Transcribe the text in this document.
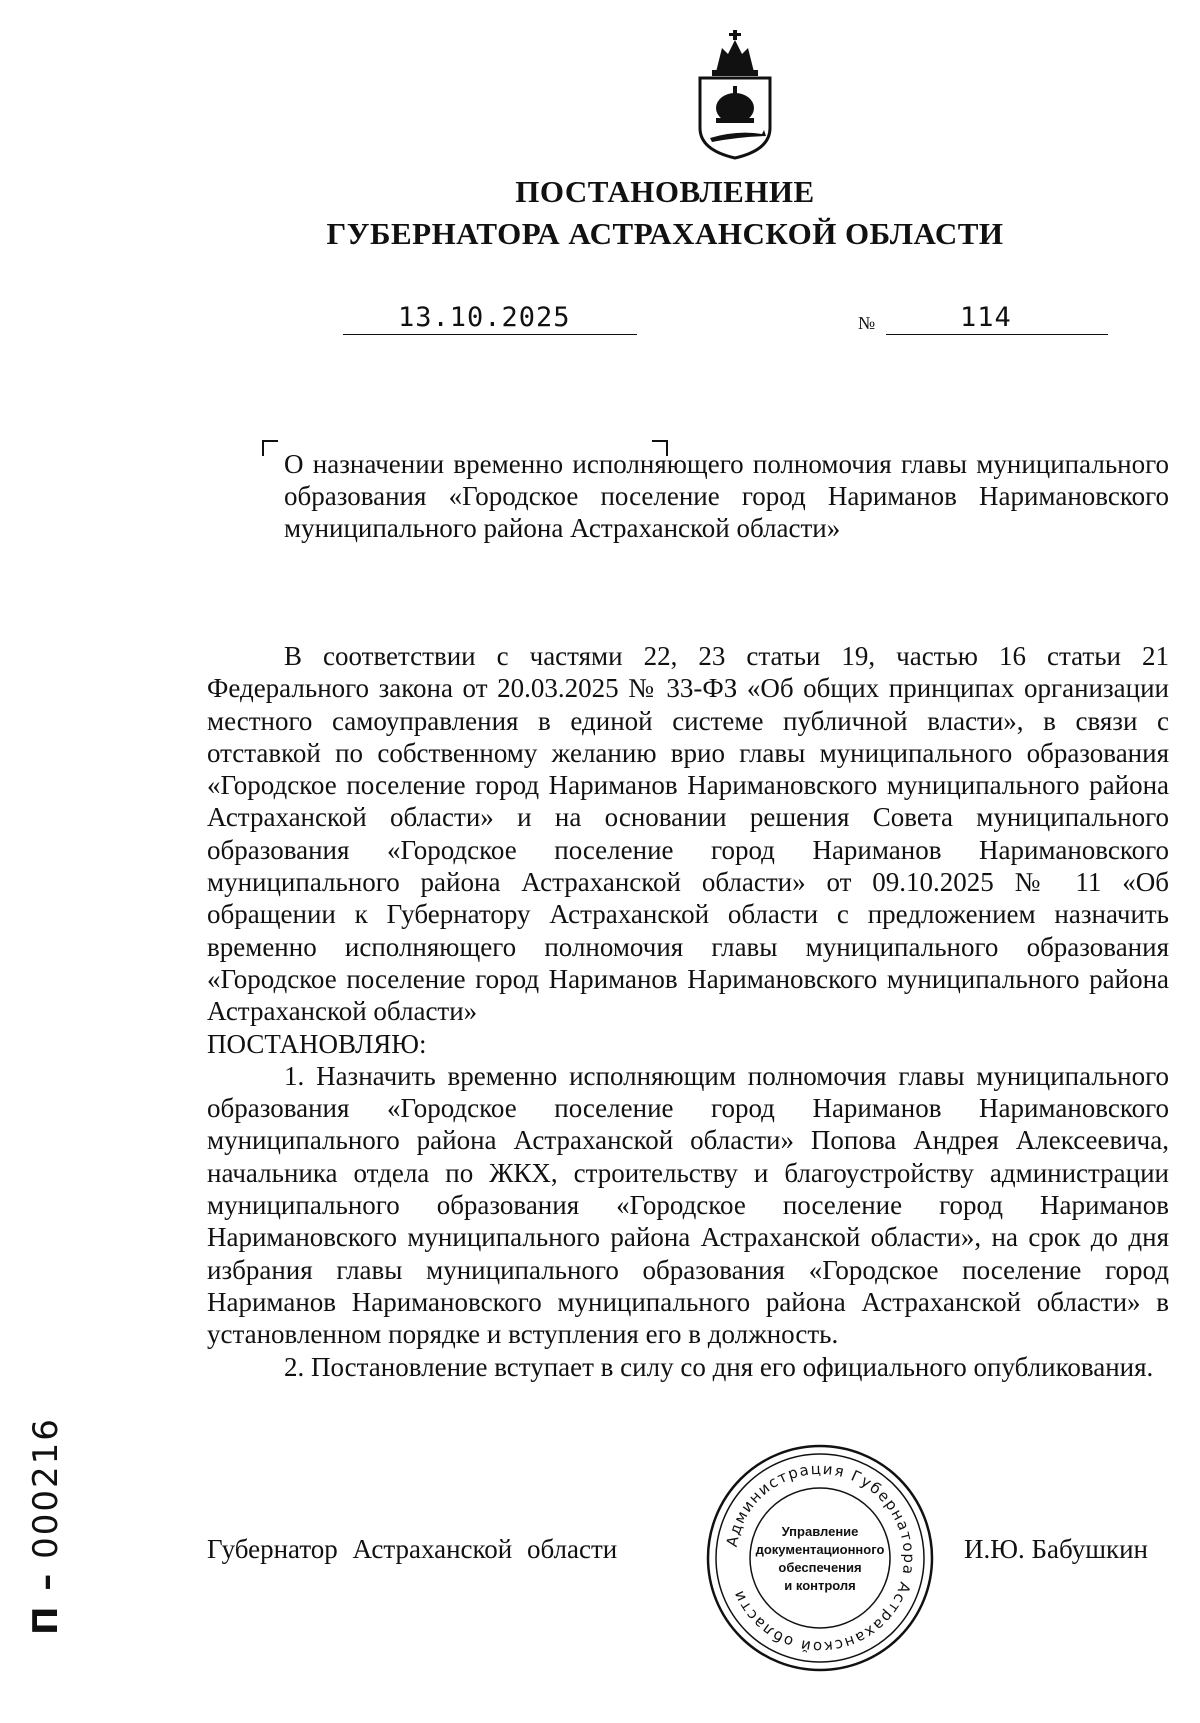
ПОСТАНОВЛЕНИЕ
ГУБЕРНАТОРА АСТРАХАНСКОЙ ОБЛАСТИ
13.10.2025	№	114
О назначении временно исполняющего полномочия главы муниципального образования «Городское поселение город Нариманов Наримановского муниципального района Астраханской области»

В соответствии с частями 22, 23 статьи 19, частью 16 статьи 21 Федерального закона от 20.03.2025 № 33-ФЗ «Об общих принципах организации местного самоуправления в единой системе публичной власти», в связи с отставкой по собственному желанию врио главы муниципального образования «Городское поселение город Нариманов Наримановского муниципального района Астраханской области» и на основании решения Совета муниципального образования «Городское поселение город Нариманов Наримановского муниципального района Астраханской области» от 09.10.2025 № 11 «Об обращении к Губернатору Астраханской области с предложением назначить временно исполняющего полномочия главы муниципального образования «Городское поселение город Нариманов Наримановского муниципального района Астраханской области»

ПОСТАНОВЛЯЮ:

1. Назначить временно исполняющим полномочия главы муниципального образования «Городское поселение город Нариманов Наримановского муниципального района Астраханской области» Попова Андрея Алексеевича, начальника отдела по ЖКХ, строительству и благоустройству администрации муниципального образования «Городское поселение город Нариманов Наримановского муниципального района Астраханской области», на срок до дня избрания главы муниципального образования «Городское поселение город Нариманов Наримановского муниципального района Астраханской области» в установленном порядке и вступления его в должность.

2. Постановление вступает в силу со дня его официального опубликования.

Губернатор Астраханской области	Администрация Губернатора Астраханской области
Управление
документационного
обеспечения
и контроля
И.Ю. Бабушкин
П – 000216
